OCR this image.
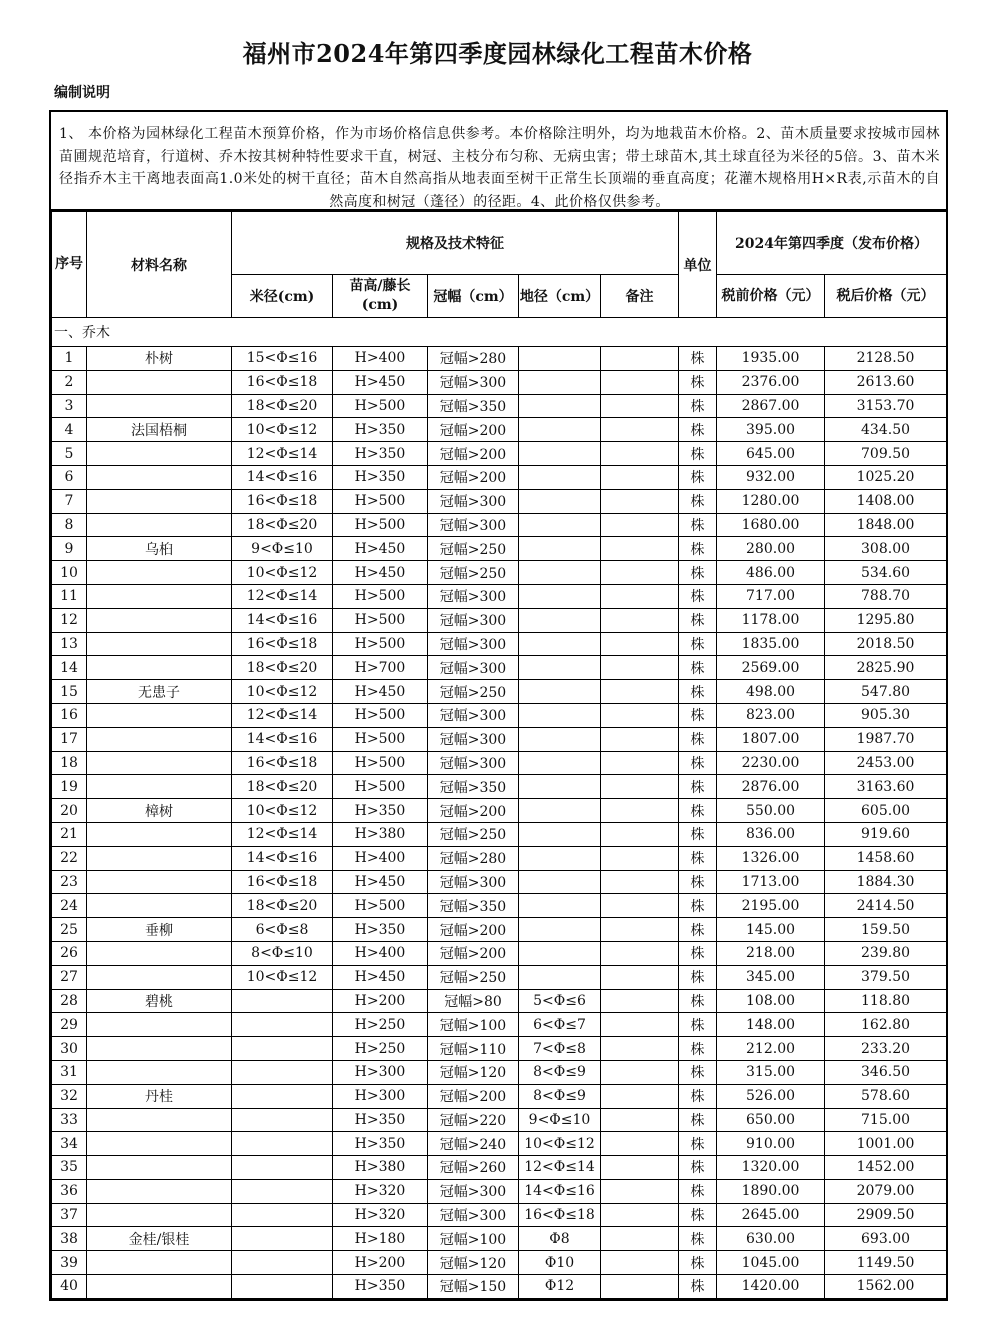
福州市2024年第四季度园林绿化工程苗木价格
编制说明
1、 本价格为园林绿化工程苗木预算价格，作为市场价格信息供参考。本价格除注明外，均为地栽苗木价格。2、苗木质量要求按城市园林苗圃规范培育，行道树、乔木按其树种特性要求干直，树冠、主枝分布匀称、无病虫害；带土球苗木,其土球直径为米径的5倍。3、苗木米径指乔木主干离地表面高1.0米处的树干直径；苗木自然高指从地表面至树干正常生长顶端的垂直高度；花灌木规格用H×R表,示苗木的自然高度和树冠（蓬径）的径距。4、此价格仅供参考。
序号	材料名称	规格及技术特征					单位	2024年第四季度（发布价格）	
		米径(cm)	苗高/藤长(cm)	冠幅（cm）	地径（cm）	备注		税前价格（元）	税后价格（元）
一、乔木									
1	朴树	15<Φ≤16	H>400	冠幅>280			株	1935.00	2128.50
2		16<Φ≤18	H>450	冠幅>300			株	2376.00	2613.60
3		18<Φ≤20	H>500	冠幅>350			株	2867.00	3153.70
4	法国梧桐	10<Φ≤12	H>350	冠幅>200			株	395.00	434.50
5		12<Φ≤14	H>350	冠幅>200			株	645.00	709.50
6		14<Φ≤16	H>350	冠幅>200			株	932.00	1025.20
7		16<Φ≤18	H>500	冠幅>300			株	1280.00	1408.00
8		18<Φ≤20	H>500	冠幅>300			株	1680.00	1848.00
9	乌桕	9<Φ≤10	H>450	冠幅>250			株	280.00	308.00
10		10<Φ≤12	H>450	冠幅>250			株	486.00	534.60
11		12<Φ≤14	H>500	冠幅>300			株	717.00	788.70
12		14<Φ≤16	H>500	冠幅>300			株	1178.00	1295.80
13		16<Φ≤18	H>500	冠幅>300			株	1835.00	2018.50
14		18<Φ≤20	H>700	冠幅>300			株	2569.00	2825.90
15	无患子	10<Φ≤12	H>450	冠幅>250			株	498.00	547.80
16		12<Φ≤14	H>500	冠幅>300			株	823.00	905.30
17		14<Φ≤16	H>500	冠幅>300			株	1807.00	1987.70
18		16<Φ≤18	H>500	冠幅>300			株	2230.00	2453.00
19		18<Φ≤20	H>500	冠幅>350			株	2876.00	3163.60
20	樟树	10<Φ≤12	H>350	冠幅>200			株	550.00	605.00
21		12<Φ≤14	H>380	冠幅>250			株	836.00	919.60
22		14<Φ≤16	H>400	冠幅>280			株	1326.00	1458.60
23		16<Φ≤18	H>450	冠幅>300			株	1713.00	1884.30
24		18<Φ≤20	H>500	冠幅>350			株	2195.00	2414.50
25	垂柳	6<Φ≤8	H>350	冠幅>200			株	145.00	159.50
26		8<Φ≤10	H>400	冠幅>200			株	218.00	239.80
27		10<Φ≤12	H>450	冠幅>250			株	345.00	379.50
28	碧桃		H>200	冠幅>80	5<Φ≤6		株	108.00	118.80
29			H>250	冠幅>100	6<Φ≤7		株	148.00	162.80
30			H>250	冠幅>110	7<Φ≤8		株	212.00	233.20
31			H>300	冠幅>120	8<Φ≤9		株	315.00	346.50
32	丹桂		H>300	冠幅>200	8<Φ≤9		株	526.00	578.60
33			H>350	冠幅>220	9<Φ≤10		株	650.00	715.00
34			H>350	冠幅>240	10<Φ≤12		株	910.00	1001.00
35			H>380	冠幅>260	12<Φ≤14		株	1320.00	1452.00
36			H>320	冠幅>300	14<Φ≤16		株	1890.00	2079.00
37			H>320	冠幅>300	16<Φ≤18		株	2645.00	2909.50
38	金桂/银桂		H>180	冠幅>100	Φ8		株	630.00	693.00
39			H>200	冠幅>120	Φ10		株	1045.00	1149.50
40			H>350	冠幅>150	Φ12		株	1420.00	1562.00
